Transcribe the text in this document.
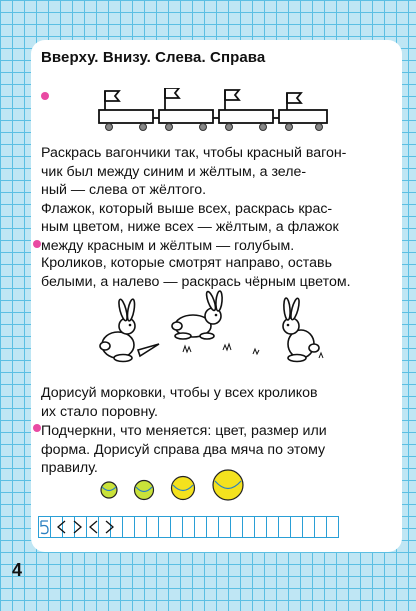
Вверху. Внизу. Слева. Справа

Раскрась вагончики так, чтобы красный вагон-

чик был между синим и жёлтым, а зеле-

ный — слева от жёлтого.

Флажок, который выше всех, раскрась крас-

ным цветом, ниже всех — жёлтым, а флажок

между красным и жёлтым — голубым.

Кроликов, которые смотрят направо, оставь

белыми, а налево — раскрась чёрным цветом.

Дорисуй морковки, чтобы у всех кроликов

их стало поровну.

Подчеркни, что меняется: цвет, размер или

форма. Дорисуй справа два мяча по этому

правилу.

4
